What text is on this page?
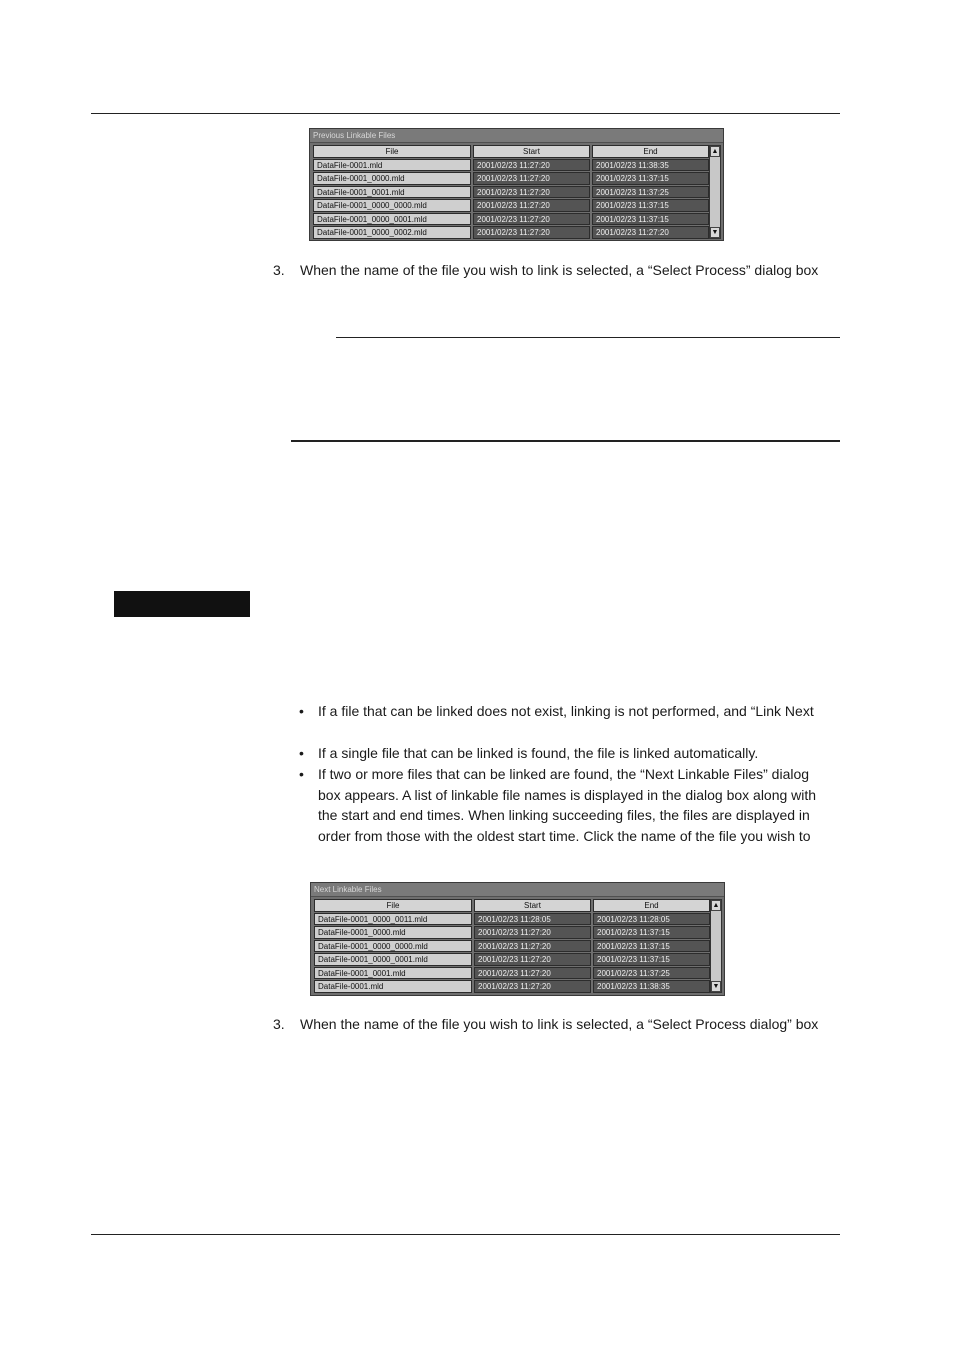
Previous Linkable Files
File	Start	End
DataFile-0001.mld	2001/02/23 11:27:20	2001/02/23 11:38:35
DataFile-0001_0000.mld	2001/02/23 11:27:20	2001/02/23 11:37:15
DataFile-0001_0001.mld	2001/02/23 11:27:20	2001/02/23 11:37:25
DataFile-0001_0000_0000.mld	2001/02/23 11:27:20	2001/02/23 11:37:15
DataFile-0001_0000_0001.mld	2001/02/23 11:27:20	2001/02/23 11:37:15
DataFile-0001_0000_0002.mld	2001/02/23 11:27:20	2001/02/23 11:27:20
▲
▼
3. When the name of the file you wish to link is selected, a “Select Process” dialog box
• If a file that can be linked does not exist, linking is not performed, and “Link Next
• If a single file that can be linked is found, the file is linked automatically.
• If two or more files that can be linked are found, the “Next Linkable Files” dialog
box appears. A list of linkable file names is displayed in the dialog box along with
the start and end times. When linking succeeding files, the files are displayed in
order from those with the oldest start time. Click the name of the file you wish to
Next Linkable Files
File	Start	End
DataFile-0001_0000_0011.mld	2001/02/23 11:28:05	2001/02/23 11:28:05
DataFile-0001_0000.mld	2001/02/23 11:27:20	2001/02/23 11:37:15
DataFile-0001_0000_0000.mld	2001/02/23 11:27:20	2001/02/23 11:37:15
DataFile-0001_0000_0001.mld	2001/02/23 11:27:20	2001/02/23 11:37:15
DataFile-0001_0001.mld	2001/02/23 11:27:20	2001/02/23 11:37:25
DataFile-0001.mld	2001/02/23 11:27:20	2001/02/23 11:38:35
▲
▼
3. When the name of the file you wish to link is selected, a “Select Process dialog” box
